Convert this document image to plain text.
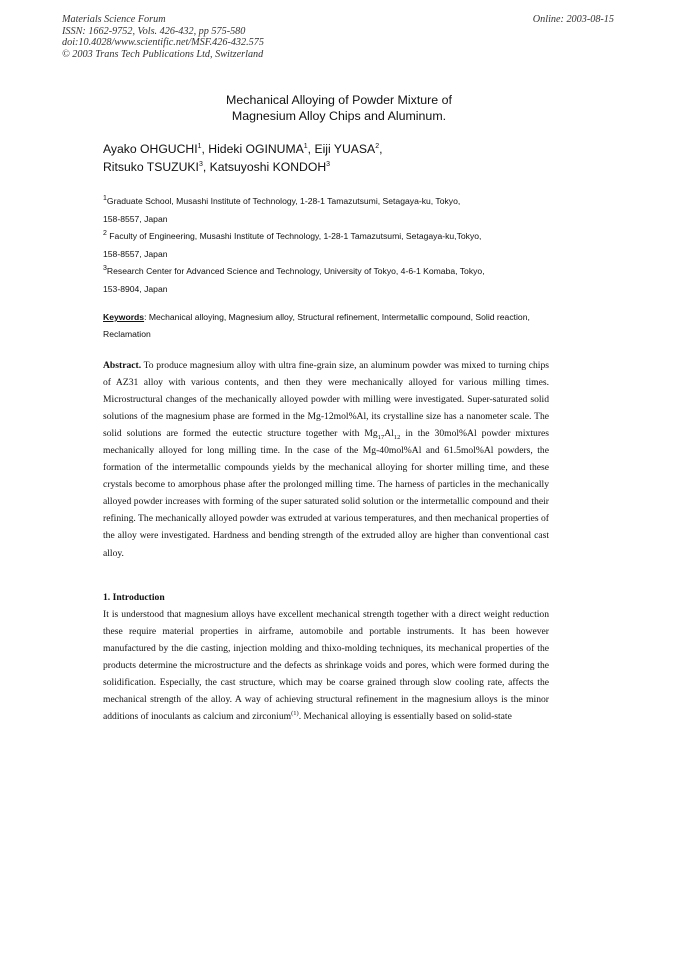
Materials Science Forum
ISSN: 1662-9752, Vols. 426-432, pp 575-580
doi:10.4028/www.scientific.net/MSF.426-432.575
© 2003 Trans Tech Publications Ltd, Switzerland
Online: 2003-08-15
Mechanical Alloying of Powder Mixture of
Magnesium Alloy Chips and Aluminum.
Ayako OHGUCHI$^1$, Hideki OGINUMA$^1$, Eiji YUASA$^2$,
Ritsuko TSUZUKI$^3$, Katsuyoshi KONDOH$^3$

$^1$Graduate School, Musashi Institute of Technology, 1-28-1 Tamazutsumi, Setagaya-ku, Tokyo,

158-8557, Japan

$^2$ Faculty of Engineering, Musashi Institute of Technology, 1-28-1 Tamazutsumi, Setagaya-ku,Tokyo,

158-8557, Japan

$^3$Research Center for Advanced Science and Technology, University of Tokyo, 4-6-1 Komaba, Tokyo,

153-8904, Japan

Keywords: Mechanical alloying, Magnesium alloy, Structural refinement, Intermetallic compound, Solid reaction, Reclamation

Abstract. To produce magnesium alloy with ultra fine-grain size, an aluminum powder was mixed to turning chips of AZ31 alloy with various contents, and then they were mechanically alloyed for various milling times. Microstructural changes of the mechanically alloyed powder with milling were investigated. Super-saturated solid solutions of the magnesium phase are formed in the Mg-12mol%Al, its crystalline size has a nanometer scale. The solid solutions are formed the eutectic structure together with $Mg_{17}Al_{12}$ in the 30mol%Al powder mixtures mechanically alloyed for long milling time. In the case of the Mg-40mol%Al and 61.5mol%Al powders, the formation of the intermetallic compounds yields by the mechanical alloying for shorter milling time, and these crystals become to amorphous phase after the prolonged milling time. The harness of particles in the mechanically alloyed powder increases with forming of the super saturated solid solution or the intermetallic compound and their refining. The mechanically alloyed powder was extruded at various temperatures, and then mechanical properties of the alloy were investigated. Hardness and bending strength of the extruded alloy are higher than conventional cast alloy.

1. Introduction

It is understood that magnesium alloys have excellent mechanical strength together with a direct weight reduction these require material properties in airframe, automobile and portable instruments. It has been however manufactured by the die casting, injection molding and thixo-molding techniques, its mechanical properties of the products determine the microstructure and the defects as shrinkage voids and pores, which were formed during the solidification. Especially, the cast structure, which may be coarse grained through slow cooling rate, affects the mechanical strength of the alloy. A way of achieving structural refinement in the magnesium alloys is the minor additions of inoculants as calcium and zirconium$^{(1)}$. Mechanical alloying is essentially based on solid-state
